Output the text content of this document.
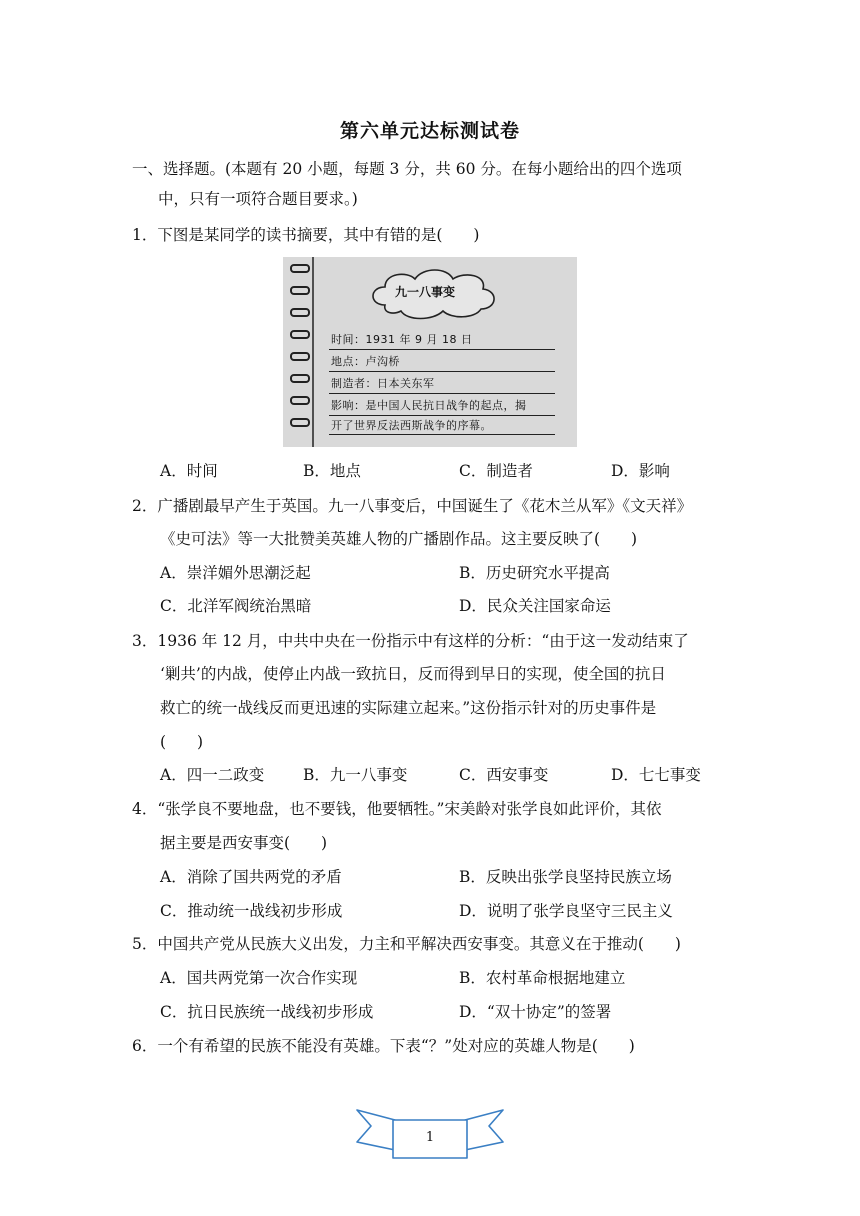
第六单元达标测试卷
一、选择题。(本题有 20 小题，每题 3 分，共 60 分。在每小题给出的四个选项
中，只有一项符合题目要求。)
1．下图是某同学的读书摘要，其中有错的是(　　)
九一八事变
时间：1931 年 9 月 18 日
地点：卢沟桥
制造者：日本关东军
影响：是中国人民抗日战争的起点，揭
开了世界反法西斯战争的序幕。
A．时间	B．地点	C．制造者	D．影响
2．广播剧最早产生于英国。九一八事变后，中国诞生了《花木兰从军》《文天祥》
《史可法》等一大批赞美英雄人物的广播剧作品。这主要反映了(　　)
A．崇洋媚外思潮泛起	B．历史研究水平提高
C．北洋军阀统治黑暗	D．民众关注国家命运
3．1936 年 12 月，中共中央在一份指示中有这样的分析：“由于这一发动结束了
‘剿共’的内战，使停止内战一致抗日，反而得到早日的实现，使全国的抗日
救亡的统一战线反而更迅速的实际建立起来。”这份指示针对的历史事件是
(　　)
A．四一二政变	B．九一八事变	C．西安事变	D．七七事变
4．“张学良不要地盘，也不要钱，他要牺牲。”宋美龄对张学良如此评价，其依
据主要是西安事变(　　)
A．消除了国共两党的矛盾	B．反映出张学良坚持民族立场
C．推动统一战线初步形成	D．说明了张学良坚守三民主义
5．中国共产党从民族大义出发，力主和平解决西安事变。其意义在于推动(　　)
A．国共两党第一次合作实现	B．农村革命根据地建立
C．抗日民族统一战线初步形成	D．“双十协定”的签署
6．一个有希望的民族不能没有英雄。下表“？”处对应的英雄人物是(　　)
1
